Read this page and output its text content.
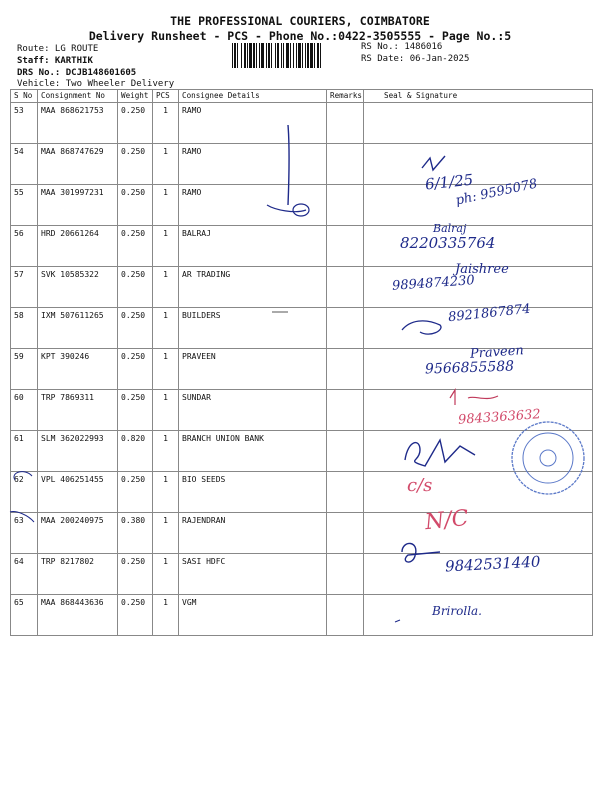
THE PROFESSIONAL COURIERS, COIMBATORE
Delivery Runsheet - PCS - Phone No.:0422-3505555 - Page No.:5
Route: LG ROUTE
Staff: KARTHIK
DRS No.: DCJB148601605
Vehicle: Two Wheeler Delivery
RS No.: 1486016
RS Date: 06-Jan-2025
S No	Consignment No	Weight	PCS	Consignee Details	Remarks	Seal & Signature
53	MAA 868621753	0.250	1	RAMO		
54	MAA 868747629	0.250	1	RAMO		
55	MAA 301997231	0.250	1	RAMO		
56	HRD 20661264	0.250	1	BALRAJ		
57	SVK 10585322	0.250	1	AR TRADING		
58	IXM 507611265	0.250	1	BUILDERS		
59	KPT 390246	0.250	1	PRAVEEN		
60	TRP 7869311	0.250	1	SUNDAR		
61	SLM 362022993	0.820	1	BRANCH UNION BANK		
62	VPL 406251455	0.250	1	BIO SEEDS		
63	MAA 200240975	0.380	1	RAJENDRAN		
64	TRP 8217802	0.250	1	SASI HDFC		
65	MAA 868443636	0.250	1	VGM		
6/1/25
ph: 9595078
Balraj
8220335764
Jaishree
9894874230
8921867874
Praveen
9566855588
9843363632
c/s
N/C
9842531440
Brirolla.
